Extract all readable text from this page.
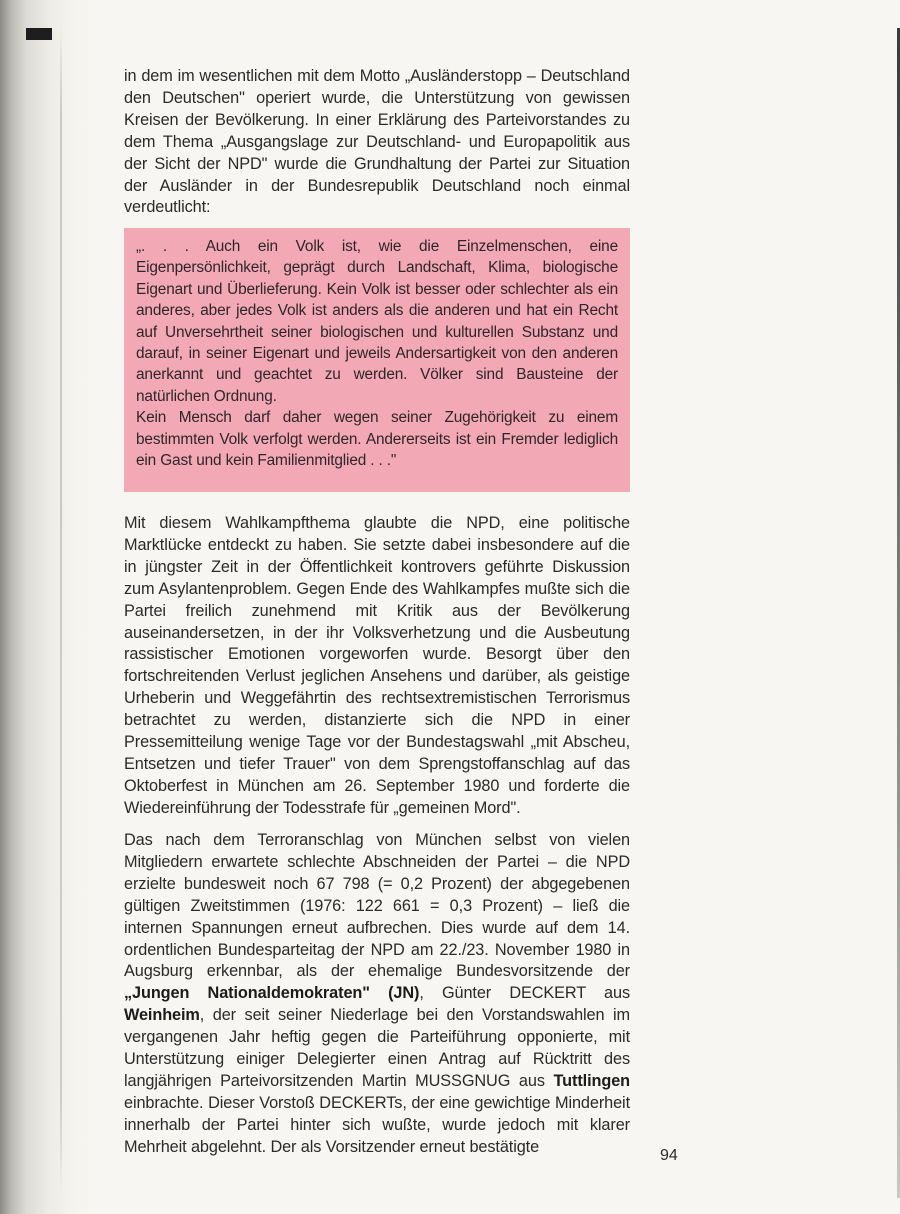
in dem im wesentlichen mit dem Motto „Ausländerstopp – Deutschland den Deutschen" operiert wurde, die Unterstützung von gewissen Kreisen der Bevölkerung. In einer Erklärung des Parteivorstandes zu dem Thema „Ausgangslage zur Deutschland- und Europapolitik aus der Sicht der NPD" wurde die Grundhaltung der Partei zur Situation der Ausländer in der Bundesrepublik Deutschland noch einmal verdeutlicht:

„. . . Auch ein Volk ist, wie die Einzelmenschen, eine Eigenpersönlichkeit, geprägt durch Landschaft, Klima, biologische Eigenart und Überlieferung. Kein Volk ist besser oder schlechter als ein anderes, aber jedes Volk ist anders als die anderen und hat ein Recht auf Unversehrtheit seiner biologischen und kulturellen Substanz und darauf, in seiner Eigenart und jeweils Andersartigkeit von den anderen anerkannt und geachtet zu werden. Völker sind Bausteine der natürlichen Ordnung.

Kein Mensch darf daher wegen seiner Zugehörigkeit zu einem bestimmten Volk verfolgt werden. Andererseits ist ein Fremder lediglich ein Gast und kein Familienmitglied . . ."

Mit diesem Wahlkampfthema glaubte die NPD, eine politische Marktlücke entdeckt zu haben. Sie setzte dabei insbesondere auf die in jüngster Zeit in der Öffentlichkeit kontrovers geführte Diskussion zum Asylantenproblem. Gegen Ende des Wahlkampfes mußte sich die Partei freilich zunehmend mit Kritik aus der Bevölkerung auseinandersetzen, in der ihr Volksverhetzung und die Ausbeutung rassistischer Emotionen vorgeworfen wurde. Besorgt über den fortschreitenden Verlust jeglichen Ansehens und darüber, als geistige Urheberin und Weggefährtin des rechtsextremistischen Terrorismus betrachtet zu werden, distanzierte sich die NPD in einer Pressemitteilung wenige Tage vor der Bundestagswahl „mit Abscheu, Entsetzen und tiefer Trauer" von dem Sprengstoffanschlag auf das Oktoberfest in München am 26. September 1980 und forderte die Wiedereinführung der Todesstrafe für „gemeinen Mord".

Das nach dem Terroranschlag von München selbst von vielen Mitgliedern erwartete schlechte Abschneiden der Partei – die NPD erzielte bundesweit noch 67 798 (= 0,2 Prozent) der abgegebenen gültigen Zweitstimmen (1976: 122 661 = 0,3 Prozent) – ließ die internen Spannungen erneut aufbrechen. Dies wurde auf dem 14. ordentlichen Bundesparteitag der NPD am 22./23. November 1980 in Augsburg erkennbar, als der ehemalige Bundesvorsitzende der „Jungen Nationaldemokraten" (JN), Günter DECKERT aus Weinheim, der seit seiner Niederlage bei den Vorstandswahlen im vergangenen Jahr heftig gegen die Parteiführung opponierte, mit Unterstützung einiger Delegierter einen Antrag auf Rücktritt des langjährigen Parteivorsitzenden Martin MUSSGNUG aus Tuttlingen einbrachte. Dieser Vorstoß DECKERTs, der eine gewichtige Minderheit innerhalb der Partei hinter sich wußte, wurde jedoch mit klarer Mehrheit abgelehnt. Der als Vorsitzender erneut bestätigte	94
